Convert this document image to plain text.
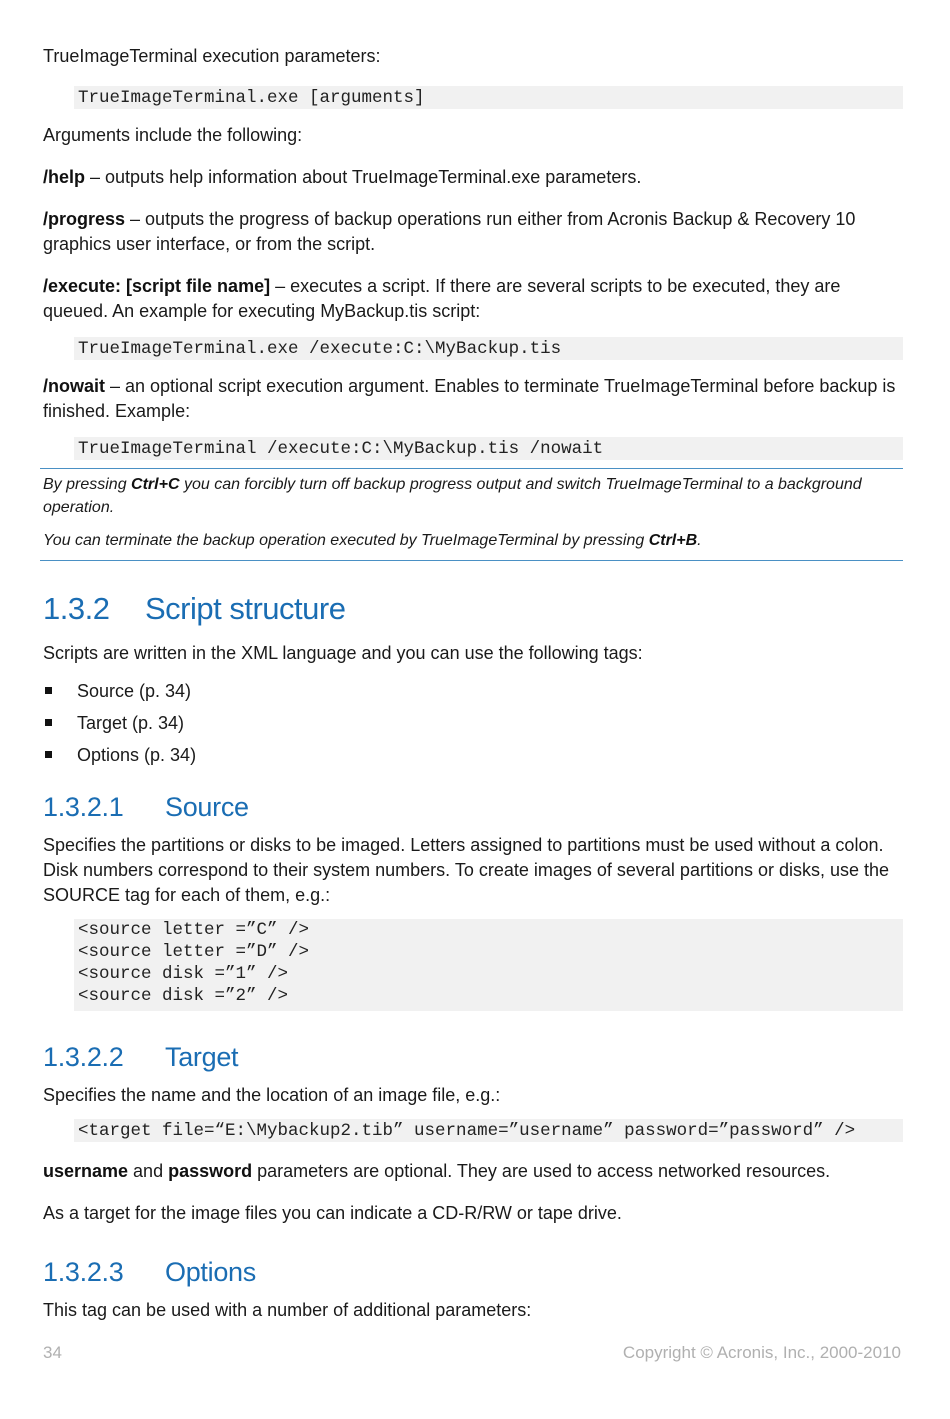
TrueImageTerminal execution parameters:

TrueImageTerminal.exe [arguments]

Arguments include the following:

/help – outputs help information about TrueImageTerminal.exe parameters.

/progress – outputs the progress of backup operations run either from Acronis Backup & Recovery 10 graphics user interface, or from the script.

/execute: [script file name] – executes a script. If there are several scripts to be executed, they are queued. An example for executing MyBackup.tis script:

TrueImageTerminal.exe /execute:C:\MyBackup.tis

/nowait – an optional script execution argument. Enables to terminate TrueImageTerminal before backup is finished. Example:

TrueImageTerminal /execute:C:\MyBackup.tis /nowait

By pressing Ctrl+C you can forcibly turn off backup progress output and switch TrueImageTerminal to a background operation.

You can terminate the backup operation executed by TrueImageTerminal by pressing Ctrl+B.

1.3.2 Script structure

Scripts are written in the XML language and you can use the following tags:

Source (p. 34)
Target (p. 34)
Options (p. 34)
1.3.2.1 Source

Specifies the partitions or disks to be imaged. Letters assigned to partitions must be used without a colon. Disk numbers correspond to their system numbers. To create images of several partitions or disks, use the SOURCE tag for each of them, e.g.:

<source letter =”C” />
<source letter =”D” />
<source disk =”1” />
<source disk =”2” />
1.3.2.2 Target

Specifies the name and the location of an image file, e.g.:

<target file=“E:\Mybackup2.tib” username=”username” password=”password” />

username and password parameters are optional. They are used to access networked resources.

As a target for the image files you can indicate a CD-R/RW or tape drive.

1.3.2.3 Options

This tag can be used with a number of additional parameters:

34	Copyright © Acronis, Inc., 2000-2010
